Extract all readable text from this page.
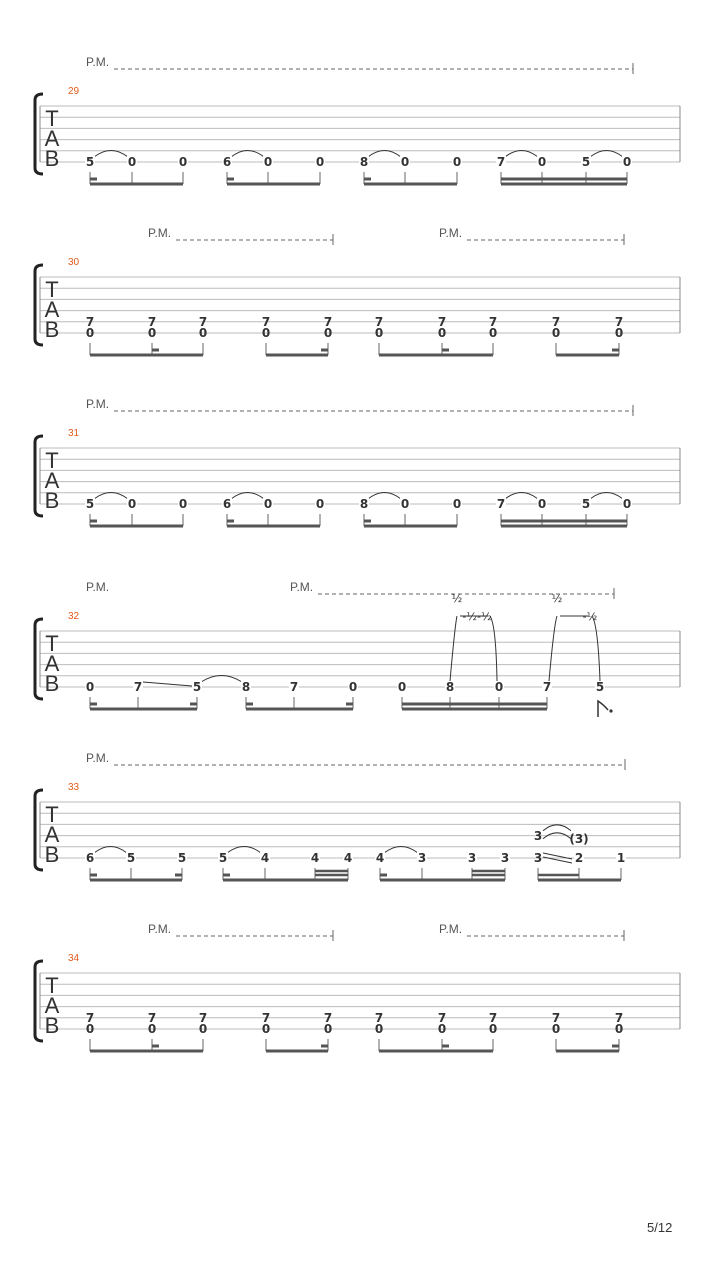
T
A
B
29
P.M.
5	0	0	6	0	0	8	0	0	7	0	5	0
T
A
B
30
P.M.	P.M.
7
0
7
0
7
0
7
0
7
0
7
0
7
0
7
0
7
0
7
0
T
A
B
31
P.M.
5	0	0	6	0	0	8	0	0	7	0	5	0
T
A
B
32
P.M.	P.M.
0	7	5	8	7	0	0	8	0	7	5
½
-½-½
½
-½
T
A
B
33
P.M.
6	5	5	5	4	4 4 4	3	3 3	2	1
3
3
(3)
T
A
B
34
P.M.	P.M.
7
0
7
0
7
0
7
0
7
0
7
0
7
0
7
0
7
0
7
0
5/12
